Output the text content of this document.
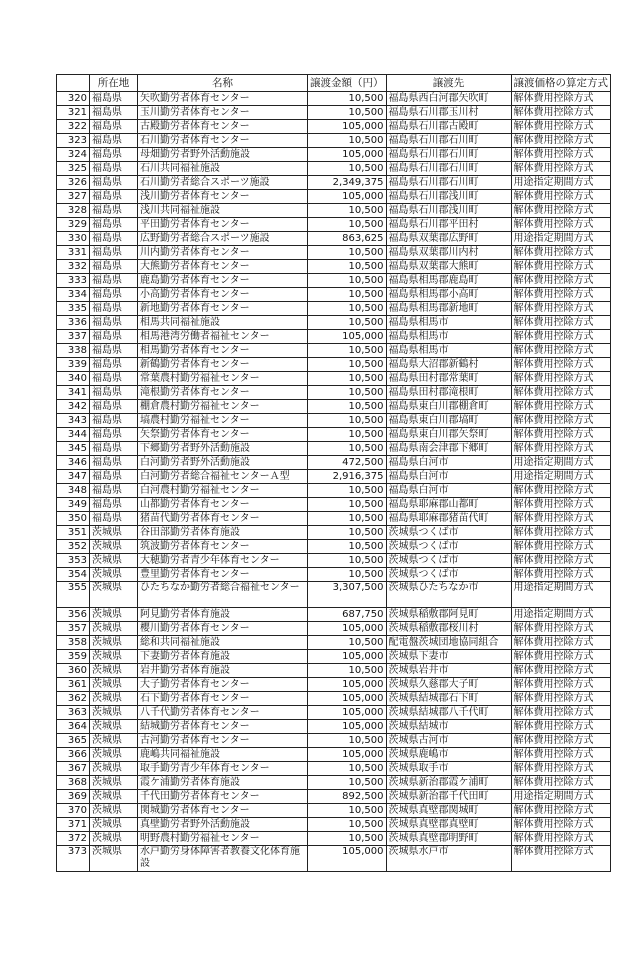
	所在地	名称	譲渡金額（円）	譲渡先	譲渡価格の算定方式
320	福島県	矢吹勤労者体育センター	10,500	福島県西白河郡矢吹町	解体費用控除方式
321	福島県	玉川勤労者体育センター	10,500	福島県石川郡玉川村	解体費用控除方式
322	福島県	古殿勤労者体育センター	105,000	福島県石川郡古殿町	解体費用控除方式
323	福島県	石川勤労者体育センター	10,500	福島県石川郡石川町	解体費用控除方式
324	福島県	母畑勤労者野外活動施設	105,000	福島県石川郡石川町	解体費用控除方式
325	福島県	石川共同福祉施設	10,500	福島県石川郡石川町	解体費用控除方式
326	福島県	石川勤労者総合スポーツ施設	2,349,375	福島県石川郡石川町	用途指定期間方式
327	福島県	浅川勤労者体育センター	105,000	福島県石川郡浅川町	解体費用控除方式
328	福島県	浅川共同福祉施設	10,500	福島県石川郡浅川町	解体費用控除方式
329	福島県	平田勤労者体育センター	10,500	福島県石川郡平田村	解体費用控除方式
330	福島県	広野勤労者総合スポーツ施設	863,625	福島県双葉郡広野町	用途指定期間方式
331	福島県	川内勤労者体育センター	10,500	福島県双葉郡川内村	解体費用控除方式
332	福島県	大熊勤労者体育センター	10,500	福島県双葉郡大熊町	解体費用控除方式
333	福島県	鹿島勤労者体育センター	10,500	福島県相馬郡鹿島町	解体費用控除方式
334	福島県	小高勤労者体育センター	10,500	福島県相馬郡小高町	解体費用控除方式
335	福島県	新地勤労者体育センター	10,500	福島県相馬郡新地町	解体費用控除方式
336	福島県	相馬共同福祉施設	10,500	福島県相馬市	解体費用控除方式
337	福島県	相馬港湾労働者福祉センター	105,000	福島県相馬市	解体費用控除方式
338	福島県	相馬勤労者体育センター	10,500	福島県相馬市	解体費用控除方式
339	福島県	新鶴勤労者体育センター	10,500	福島県大沼郡新鶴村	解体費用控除方式
340	福島県	常葉農村勤労福祉センター	10,500	福島県田村郡常葉町	解体費用控除方式
341	福島県	滝根勤労者体育センター	10,500	福島県田村郡滝根町	解体費用控除方式
342	福島県	棚倉農村勤労福祉センター	10,500	福島県東白川郡棚倉町	解体費用控除方式
343	福島県	塙農村勤労福祉センター	10,500	福島県東白川郡塙町	解体費用控除方式
344	福島県	矢祭勤労者体育センター	10,500	福島県東白川郡矢祭町	解体費用控除方式
345	福島県	下郷勤労者野外活動施設	10,500	福島県南会津郡下郷町	解体費用控除方式
346	福島県	白河勤労者野外活動施設	472,500	福島県白河市	用途指定期間方式
347	福島県	白河勤労者総合福祉センターＡ型	2,916,375	福島県白河市	用途指定期間方式
348	福島県	白河農村勤労福祉センター	10,500	福島県白河市	解体費用控除方式
349	福島県	山都勤労者体育センター	10,500	福島県耶麻郡山都町	解体費用控除方式
350	福島県	猪苗代勤労者体育センター	10,500	福島県耶麻郡猪苗代町	解体費用控除方式
351	茨城県	谷田部勤労者体育施設	10,500	茨城県つくば市	解体費用控除方式
352	茨城県	筑波勤労者体育センター	10,500	茨城県つくば市	解体費用控除方式
353	茨城県	大穂勤労者青少年体育センター	10,500	茨城県つくば市	解体費用控除方式
354	茨城県	豊里勤労者体育センター	10,500	茨城県つくば市	解体費用控除方式
355	茨城県	ひたちなか勤労者総合福祉センター	3,307,500	茨城県ひたちなか市	用途指定期間方式
356	茨城県	阿見勤労者体育施設	687,750	茨城県稲敷郡阿見町	用途指定期間方式
357	茨城県	櫻川勤労者体育センター	105,000	茨城県稲敷郡桜川村	解体費用控除方式
358	茨城県	総和共同福祉施設	10,500	配電盤茨城団地協同組合	解体費用控除方式
359	茨城県	下妻勤労者体育施設	105,000	茨城県下妻市	解体費用控除方式
360	茨城県	岩井勤労者体育施設	10,500	茨城県岩井市	解体費用控除方式
361	茨城県	大子勤労者体育センター	105,000	茨城県久慈郡大子町	解体費用控除方式
362	茨城県	石下勤労者体育センター	105,000	茨城県結城郡石下町	解体費用控除方式
363	茨城県	八千代勤労者体育センター	105,000	茨城県結城郡八千代町	解体費用控除方式
364	茨城県	結城勤労者体育センター	105,000	茨城県結城市	解体費用控除方式
365	茨城県	古河勤労者体育センター	10,500	茨城県古河市	解体費用控除方式
366	茨城県	鹿嶋共同福祉施設	105,000	茨城県鹿嶋市	解体費用控除方式
367	茨城県	取手勤労青少年体育センター	10,500	茨城県取手市	解体費用控除方式
368	茨城県	霞ケ浦勤労者体育施設	10,500	茨城県新治郡霞ケ浦町	解体費用控除方式
369	茨城県	千代田勤労者体育センター	892,500	茨城県新治郡千代田町	用途指定期間方式
370	茨城県	関城勤労者体育センター	10,500	茨城県真壁郡関城町	解体費用控除方式
371	茨城県	真壁勤労者野外活動施設	10,500	茨城県真壁郡真壁町	解体費用控除方式
372	茨城県	明野農村勤労福祉センター	10,500	茨城県真壁郡明野町	解体費用控除方式
373	茨城県	水戸勤労身体障害者教養文化体育施設	105,000	茨城県水戸市	解体費用控除方式
